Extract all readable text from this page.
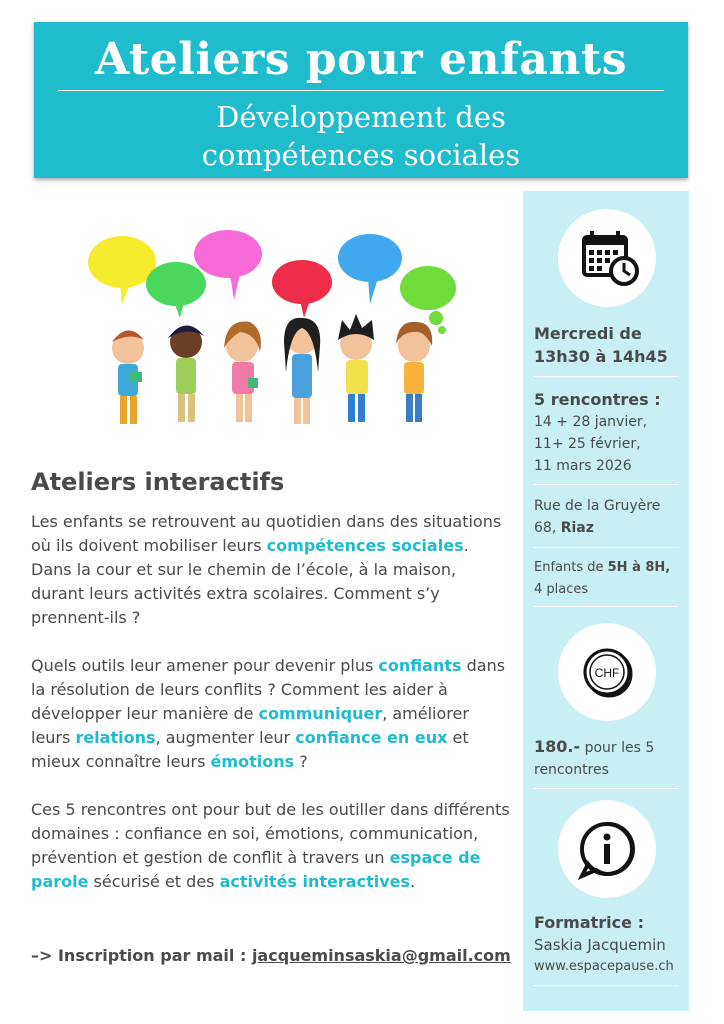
Ateliers pour enfants
Développement des
compétences sociales
Ateliers interactifs

Les enfants se retrouvent au quotidien dans des situations où ils doivent mobiliser leurs compétences sociales. Dans la cour et sur le chemin de l’école, à la maison, durant leurs activités extra scolaires. Comment s’y prennent-ils ?

Quels outils leur amener pour devenir plus confiants dans la résolution de leurs conflits ? Comment les aider à développer leur manière de communiquer, améliorer leurs relations, augmenter leur confiance en eux et mieux connaître leurs émotions ?

Ces 5 rencontres ont pour but de les outiller dans différents domaines : confiance en soi, émotions, communication, prévention et gestion de conflit à travers un espace de parole sécurisé et des activités interactives.

–> Inscription par mail : jacqueminsaskia@gmail.com
Mercredi de
13h30 à 14h45
5 rencontres :
14 + 28 janvier,
11+ 25 février,
11 mars 2026
Rue de la Gruyère
68, Riaz
Enfants de 5H à 8H,
4 places
CHF
180.- pour les 5
rencontres
Formatrice :
Saskia Jacquemin
www.espacepause.ch
